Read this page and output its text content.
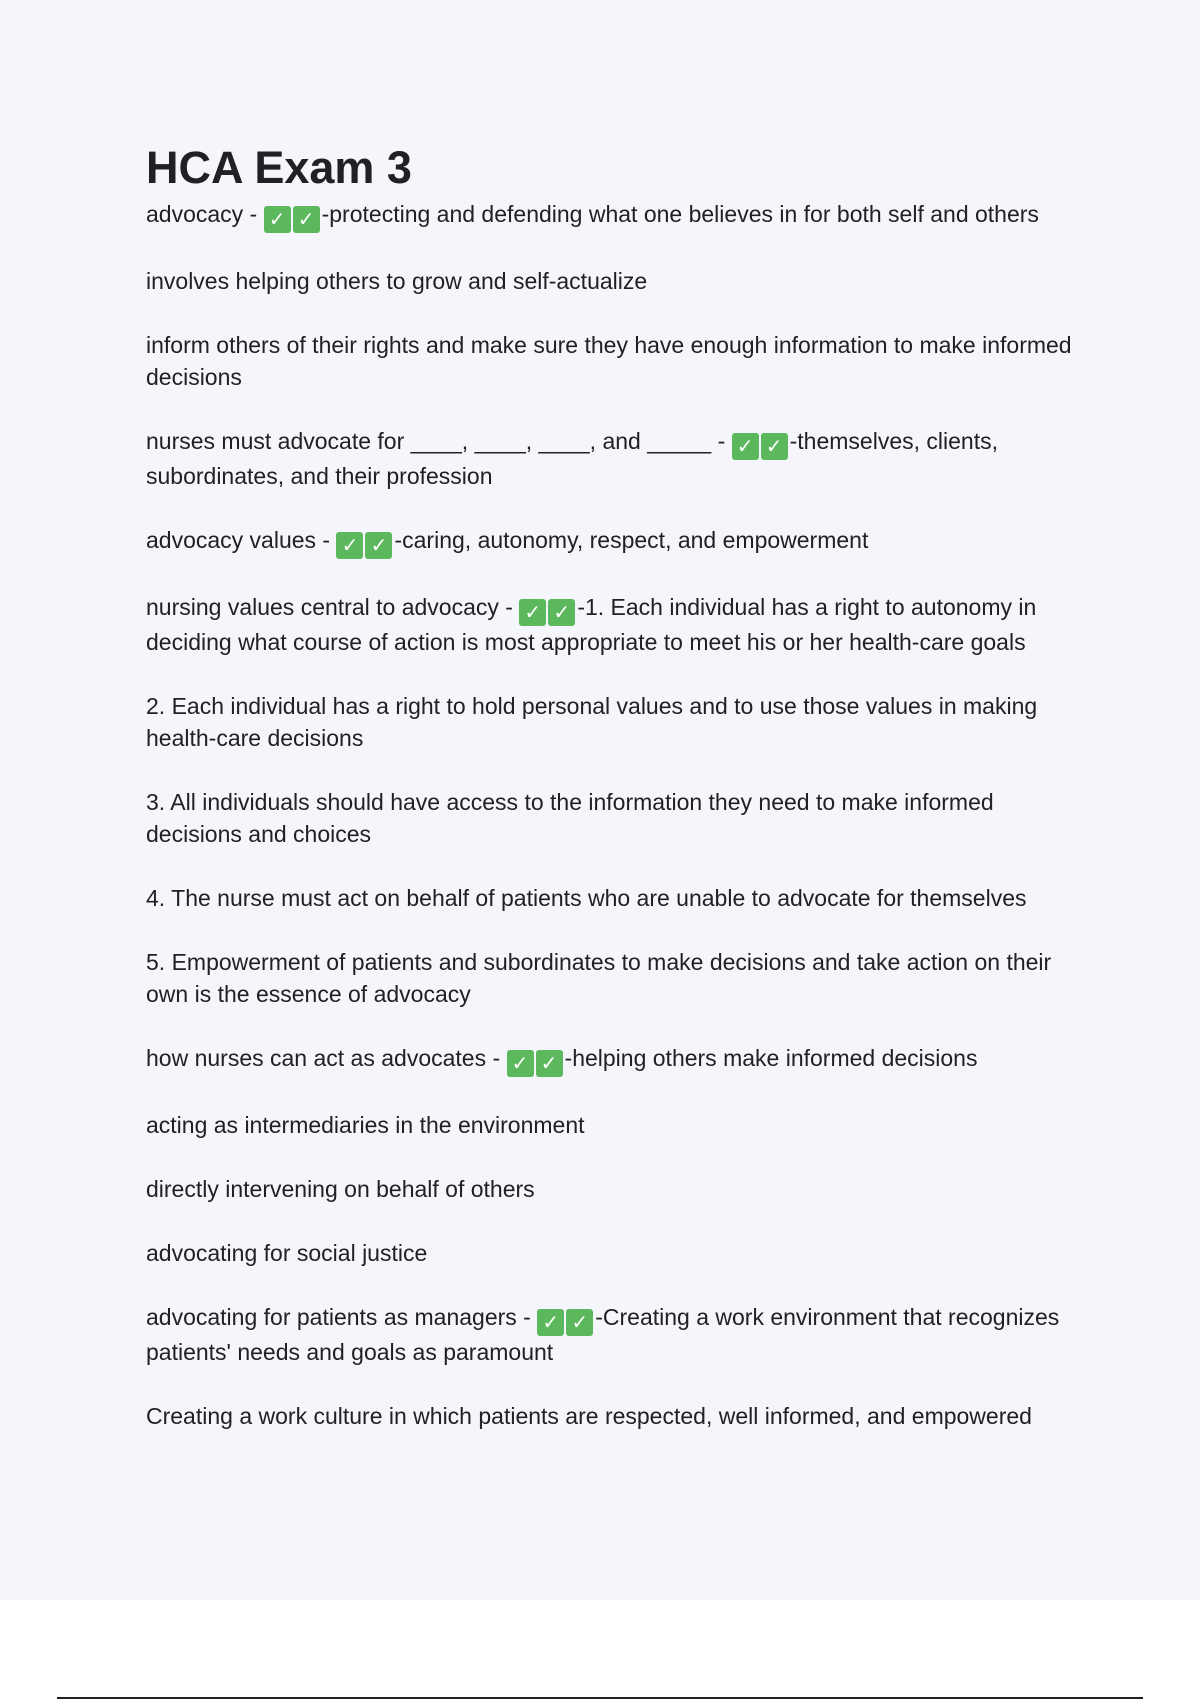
HCA Exam 3

advocacy - ✓ ✓ -protecting and defending what one believes in for both self and others

involves helping others to grow and self-actualize

inform others of their rights and make sure they have enough information to make informed decisions

nurses must advocate for ____, ____, ____, and _____ - ✓ ✓ -themselves, clients, subordinates, and their profession

advocacy values - ✓ ✓ -caring, autonomy, respect, and empowerment

nursing values central to advocacy - ✓ ✓ -1. Each individual has a right to autonomy in deciding what course of action is most appropriate to meet his or her health-care goals

2. Each individual has a right to hold personal values and to use those values in making health-care decisions

3. All individuals should have access to the information they need to make informed decisions and choices

4. The nurse must act on behalf of patients who are unable to advocate for themselves

5. Empowerment of patients and subordinates to make decisions and take action on their own is the essence of advocacy

how nurses can act as advocates - ✓ ✓ -helping others make informed decisions

acting as intermediaries in the environment

directly intervening on behalf of others

advocating for social justice

advocating for patients as managers - ✓ ✓ -Creating a work environment that recognizes patients' needs and goals as paramount

Creating a work culture in which patients are respected, well informed, and empowered
